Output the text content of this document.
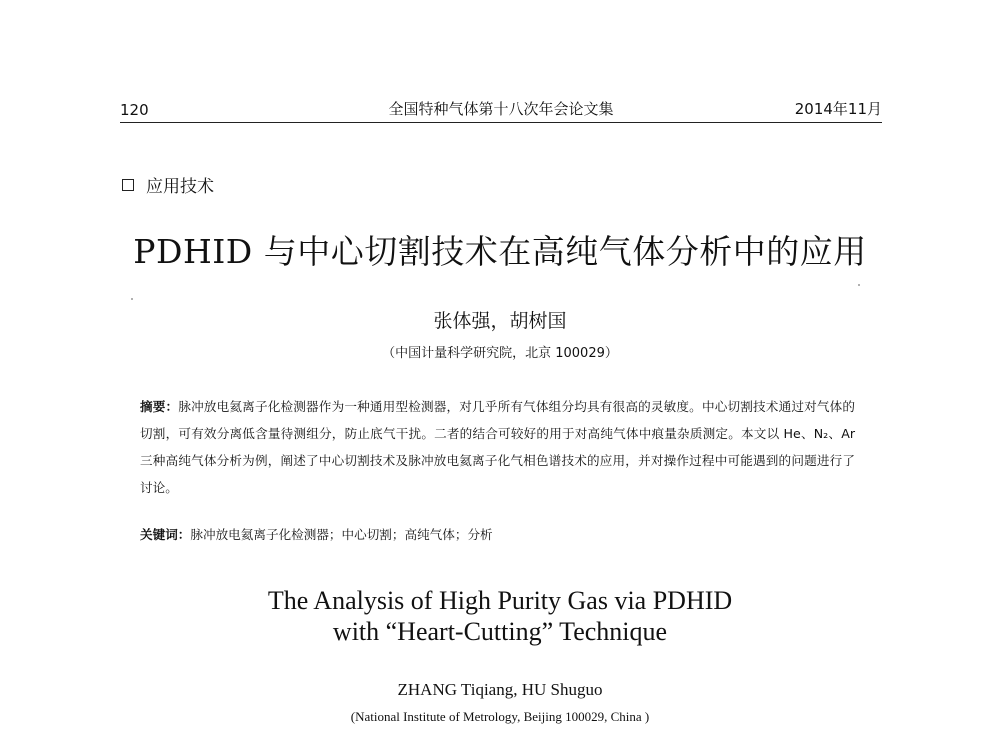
120	全国特种气体第十八次年会论文集	2014年11月
应用技术
PDHID 与中心切割技术在高纯气体分析中的应用
张体强，胡树国
（中国计量科学研究院，北京 100029）
摘要：脉冲放电氦离子化检测器作为一种通用型检测器，对几乎所有气体组分均具有很高的灵敏度。中心切割技术通过对气体的切割，可有效分离低含量待测组分，防止底气干扰。二者的结合可较好的用于对高纯气体中痕量杂质测定。本文以 He、N₂、Ar 三种高纯气体分析为例，阐述了中心切割技术及脉冲放电氦离子化气相色谱技术的应用，并对操作过程中可能遇到的问题进行了讨论。
关键词：脉冲放电氦离子化检测器；中心切割；高纯气体；分析
The Analysis of High Purity Gas via PDHID
with “Heart-Cutting” Technique
ZHANG Tiqiang, HU Shuguo
(National Institute of Metrology, Beijing 100029, China )
